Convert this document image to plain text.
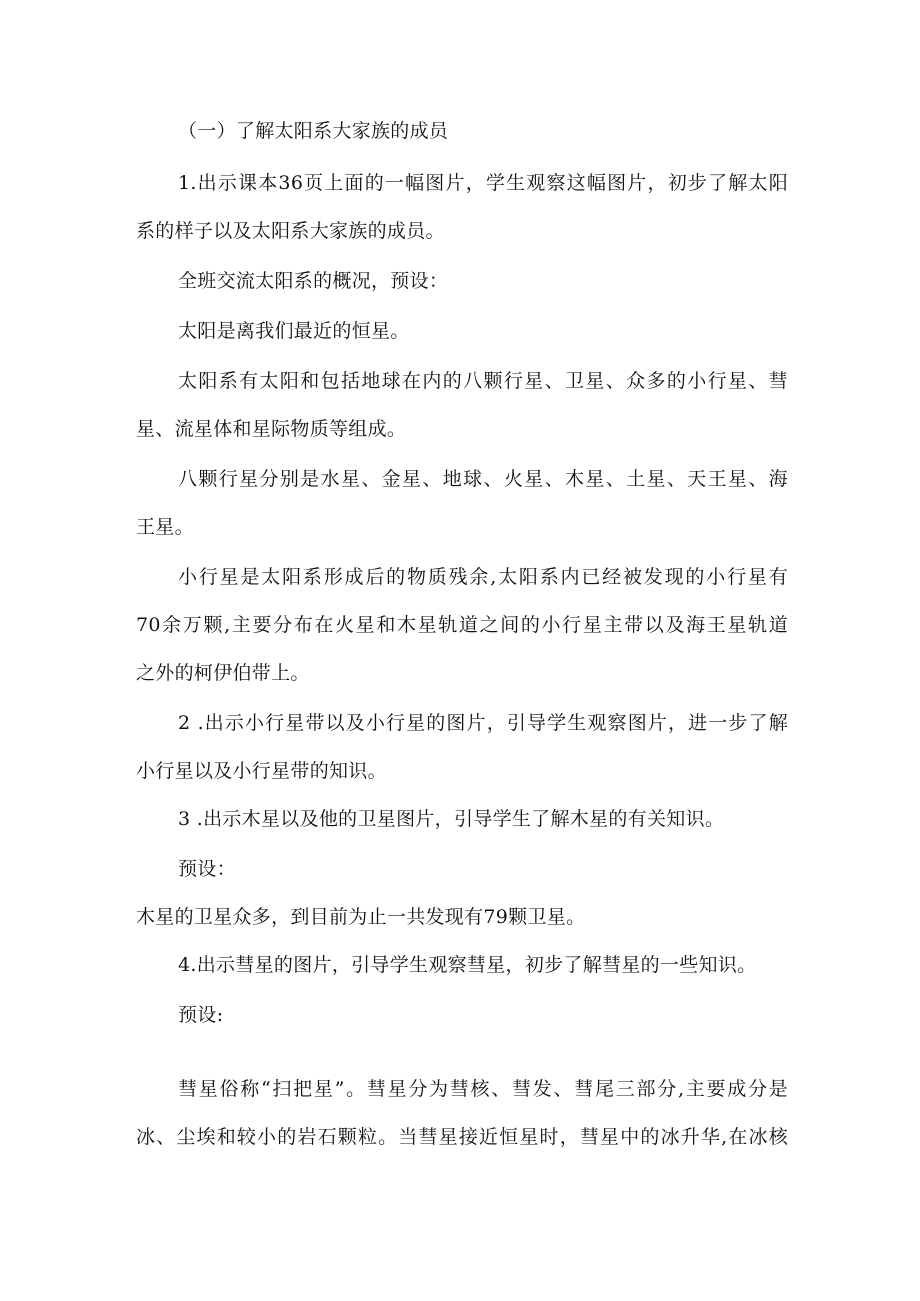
（一）了解太阳系大家族的成员
1.出示课本36页上面的一幅图片，学生观察这幅图片，初步了解太阳
系的样子以及太阳系大家族的成员。
全班交流太阳系的概况，预设：
太阳是离我们最近的恒星。
太阳系有太阳和包括地球在内的八颗行星、卫星、众多的小行星、彗
星、流星体和星际物质等组成。
八颗行星分别是水星、金星、地球、火星、木星、土星、天王星、海
王星。
小行星是太阳系形成后的物质残余,太阳系内已经被发现的小行星有
70余万颗,主要分布在火星和木星轨道之间的小行星主带以及海王星轨道
之外的柯伊伯带上。
2 .出示小行星带以及小行星的图片，引导学生观察图片，进一步了解
小行星以及小行星带的知识。
3 .出示木星以及他的卫星图片，引导学生了解木星的有关知识。
预设：
木星的卫星众多，到目前为止一共发现有79颗卫星。
4.出示彗星的图片，引导学生观察彗星，初步了解彗星的一些知识。
预设:
彗星俗称“扫把星”。彗星分为彗核、彗发、彗尾三部分,主要成分是
冰、尘埃和较小的岩石颗粒。当彗星接近恒星时，彗星中的冰升华,在冰核
